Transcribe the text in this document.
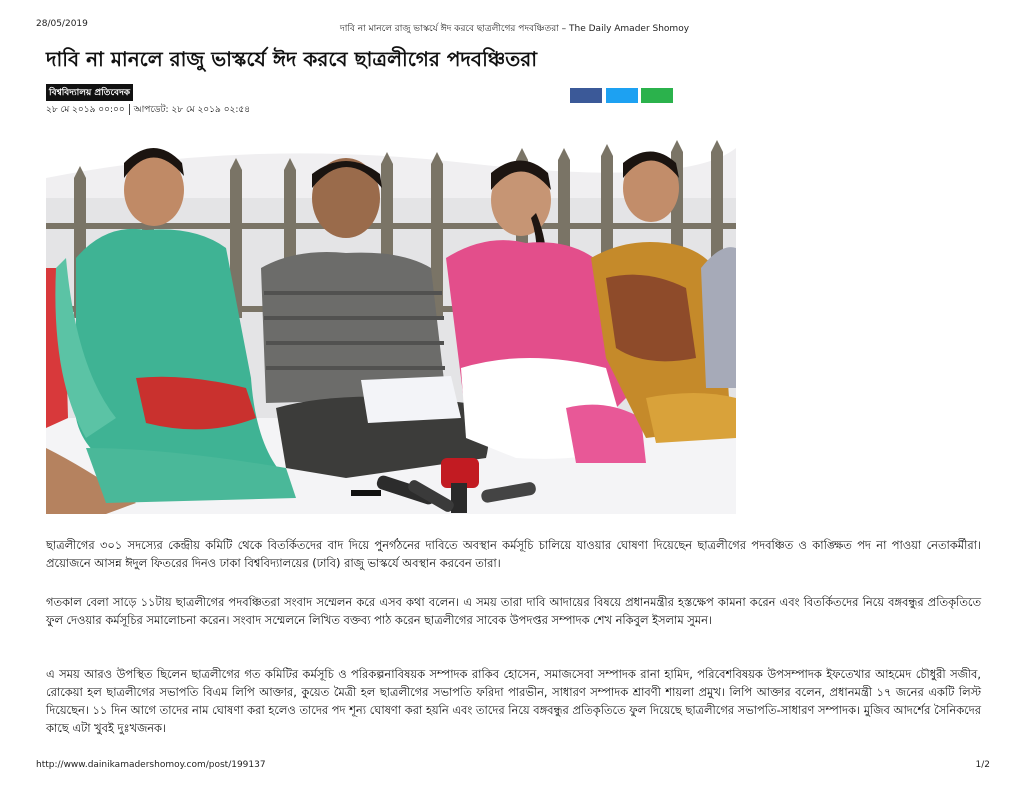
28/05/2019	দাবি না মানলে রাজু ভাস্কর্যে ঈদ করবে ছাত্রলীগের পদবঞ্চিতরা – The Daily Amader Shomoy
দাবি না মানলে রাজু ভাস্কর্যে ঈদ করবে ছাত্রলীগের পদবঞ্চিতরা
বিশ্ববিদ্যালয় প্রতিবেদক
২৮ মে ২০১৯ ০০:০০ আপডেট: ২৮ মে ২০১৯ ০২:৫৪

ছাত্রলীগের ৩০১ সদস্যের কেন্দ্রীয় কমিটি থেকে বিতর্কিতদের বাদ দিয়ে পুনর্গঠনের দাবিতে অবস্থান কর্মসূচি চালিয়ে যাওয়ার ঘোষণা দিয়েছেন ছাত্রলীগের পদবঞ্চিত ও কাঙ্ক্ষিত পদ না পাওয়া নেতাকর্মীরা। প্রয়োজনে আসন্ন ঈদুল ফিতরের দিনও ঢাকা বিশ্ববিদ্যালয়ের (ঢাবি) রাজু ভাস্কর্যে অবস্থান করবেন তারা।

গতকাল বেলা সাড়ে ১১টায় ছাত্রলীগের পদবঞ্চিতরা সংবাদ সম্মেলন করে এসব কথা বলেন। এ সময় তারা দাবি আদায়ের বিষয়ে প্রধানমন্ত্রীর হস্তক্ষেপ কামনা করেন এবং বিতর্কিতদের নিয়ে বঙ্গবন্ধুর প্রতিকৃতিতে ফুল দেওয়ার কর্মসূচির সমালোচনা করেন। সংবাদ সম্মেলনে লিখিত বক্তব্য পাঠ করেন ছাত্রলীগের সাবেক উপদপ্তর সম্পাদক শেখ নকিবুল ইসলাম সুমন।

এ সময় আরও উপস্থিত ছিলেন ছাত্রলীগের গত কমিটির কর্মসূচি ও পরিকল্পনাবিষয়ক সম্পাদক রাকিব হোসেন, সমাজসেবা সম্পাদক রানা হামিদ, পরিবেশবিষয়ক উপসম্পাদক ইফতেখার আহমেদ চৌধুরী সজীব, রোকেয়া হল ছাত্রলীগের সভাপতি বিএম লিপি আক্তার, কুয়েত মৈত্রী হল ছাত্রলীগের সভাপতি ফরিদা পারভীন, সাধারণ সম্পাদক শ্রাবণী শায়লা প্রমুখ। লিপি আক্তার বলেন, প্রধানমন্ত্রী ১৭ জনের একটি লিস্ট দিয়েছেন। ১১ দিন আগে তাদের নাম ঘোষণা করা হলেও তাদের পদ শূন্য ঘোষণা করা হয়নি এবং তাদের নিয়ে বঙ্গবন্ধুর প্রতিকৃতিতে ফুল দিয়েছে ছাত্রলীগের সভাপতি-সাধারণ সম্পাদক। মুজিব আদর্শের সৈনিকদের কাছে এটা খুবই দুঃখজনক।

http://www.dainikamadershomoy.com/post/199137	1/2
